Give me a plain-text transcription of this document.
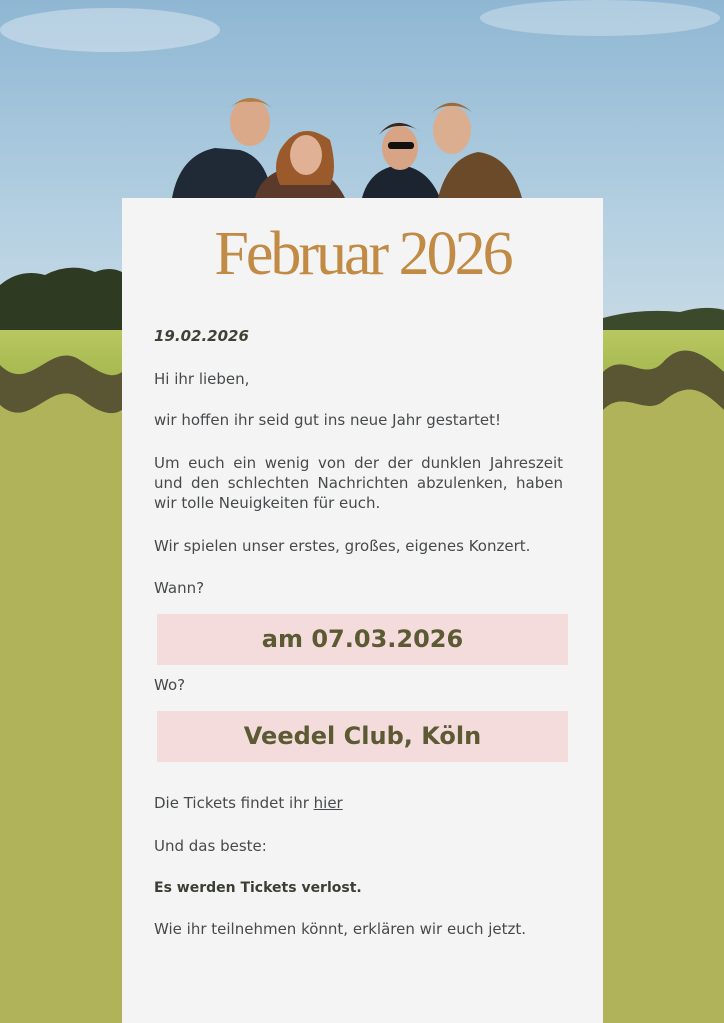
Februar 2026
19.02.2026
Hi ihr lieben,
wir hoffen ihr seid gut ins neue Jahr gestartet!
Um euch ein wenig von der der dunklen Jahreszeit und den schlechten Nachrichten abzulenken, haben wir tolle Neuigkeiten für euch.
Wir spielen unser erstes, großes, eigenes Konzert.
Wann?
am 07.03.2026
Wo?
Veedel Club, Köln
Die Tickets findet ihr hier
Und das beste:
Es werden Tickets verlost.
Wie ihr teilnehmen könnt, erklären wir euch jetzt.
